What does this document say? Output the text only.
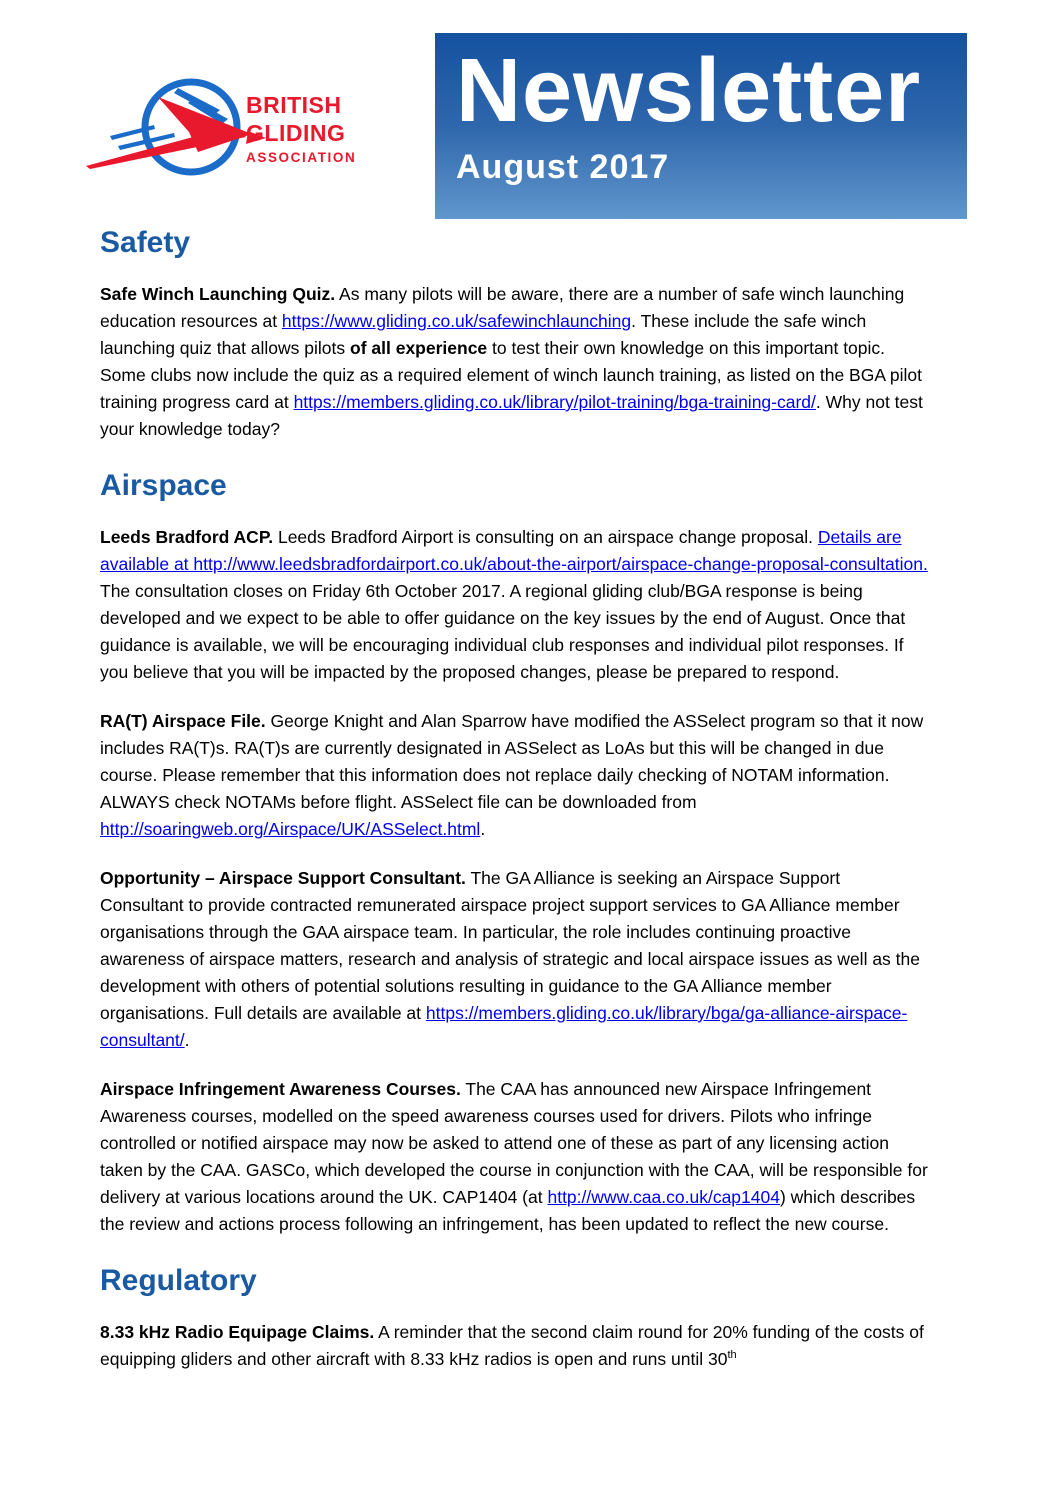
BRITISH
GLIDING
ASSOCIATION
Newsletter
August 2017
Safety

Safe Winch Launching Quiz. As many pilots will be aware, there are a number of safe winch launching education resources at https://www.gliding.co.uk/safewinchlaunching. These include the safe winch launching quiz that allows pilots of all experience to test their own knowledge on this important topic. Some clubs now include the quiz as a required element of winch launch training, as listed on the BGA pilot training progress card at https://members.gliding.co.uk/library/pilot-training/bga-training-card/. Why not test your knowledge today?

Airspace

Leeds Bradford ACP. Leeds Bradford Airport is consulting on an airspace change proposal. Details are available at http://www.leedsbradfordairport.co.uk/about-the-airport/airspace-change-proposal-consultation. The consultation closes on Friday 6th October 2017. A regional gliding club/BGA response is being developed and we expect to be able to offer guidance on the key issues by the end of August. Once that guidance is available, we will be encouraging individual club responses and individual pilot responses. If you believe that you will be impacted by the proposed changes, please be prepared to respond.

RA(T) Airspace File. George Knight and Alan Sparrow have modified the ASSelect program so that it now includes RA(T)s. RA(T)s are currently designated in ASSelect as LoAs but this will be changed in due course. Please remember that this information does not replace daily checking of NOTAM information. ALWAYS check NOTAMs before flight. ASSelect file can be downloaded from http://soaringweb.org/Airspace/UK/ASSelect.html.

Opportunity – Airspace Support Consultant. The GA Alliance is seeking an Airspace Support Consultant to provide contracted remunerated airspace project support services to GA Alliance member organisations through the GAA airspace team. In particular, the role includes continuing proactive awareness of airspace matters, research and analysis of strategic and local airspace issues as well as the development with others of potential solutions resulting in guidance to the GA Alliance member organisations. Full details are available at https://members.gliding.co.uk/library/bga/ga-alliance-airspace-consultant/.

Airspace Infringement Awareness Courses. The CAA has announced new Airspace Infringement Awareness courses, modelled on the speed awareness courses used for drivers. Pilots who infringe controlled or notified airspace may now be asked to attend one of these as part of any licensing action taken by the CAA. GASCo, which developed the course in conjunction with the CAA, will be responsible for delivery at various locations around the UK. CAP1404 (at http://www.caa.co.uk/cap1404) which describes the review and actions process following an infringement, has been updated to reflect the new course.

Regulatory

8.33 kHz Radio Equipage Claims. A reminder that the second claim round for 20% funding of the costs of equipping gliders and other aircraft with 8.33 kHz radios is open and runs until 30th
